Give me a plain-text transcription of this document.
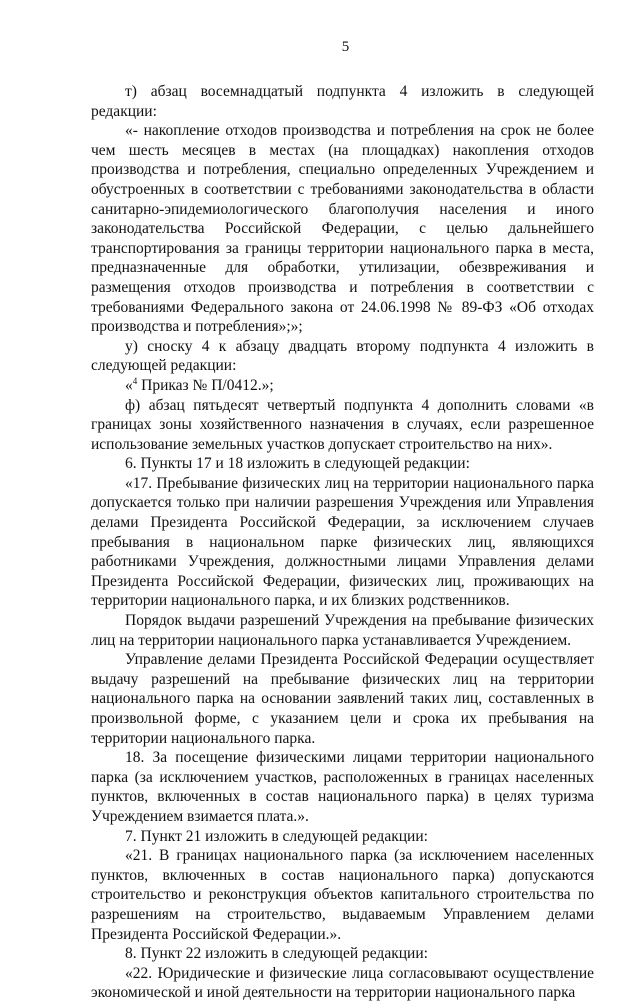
5

т) абзац восемнадцатый подпункта 4 изложить в следующей редакции:

«- накопление отходов производства и потребления на срок не более чем шесть месяцев в местах (на площадках) накопления отходов производства и потребления, специально определенных Учреждением и обустроенных в соответствии с требованиями законодательства в области санитарно-эпидемиологического благополучия населения и иного законодательства Российской Федерации, с целью дальнейшего транспортирования за границы территории национального парка в места, предназначенные для обработки, утилизации, обезвреживания и размещения отходов производства и потребления в соответствии с требованиями Федерального закона от 24.06.1998 № 89-ФЗ «Об отходах производства и потребления»;»;

у) сноску 4 к абзацу двадцать второму подпункта 4 изложить в следующей редакции:

«$^4$ Приказ № П/0412.»;

ф) абзац пятьдесят четвертый подпункта 4 дополнить словами «в границах зоны хозяйственного назначения в случаях, если разрешенное использование земельных участков допускает строительство на них».

6. Пункты 17 и 18 изложить в следующей редакции:

«17. Пребывание физических лиц на территории национального парка допускается только при наличии разрешения Учреждения или Управления делами Президента Российской Федерации, за исключением случаев пребывания в национальном парке физических лиц, являющихся работниками Учреждения, должностными лицами Управления делами Президента Российской Федерации, физических лиц, проживающих на территории национального парка, и их близких родственников.

Порядок выдачи разрешений Учреждения на пребывание физических лиц на территории национального парка устанавливается Учреждением.

Управление делами Президента Российской Федерации осуществляет выдачу разрешений на пребывание физических лиц на территории национального парка на основании заявлений таких лиц, составленных в произвольной форме, с указанием цели и срока их пребывания на территории национального парка.

18. За посещение физическими лицами территории национального парка (за исключением участков, расположенных в границах населенных пунктов, включенных в состав национального парка) в целях туризма Учреждением взимается плата.».

7. Пункт 21 изложить в следующей редакции:

«21. В границах национального парка (за исключением населенных пунктов, включенных в состав национального парка) допускаются строительство и реконструкция объектов капитального строительства по разрешениям на строительство, выдаваемым Управлением делами Президента Российской Федерации.».

8. Пункт 22 изложить в следующей редакции:

«22. Юридические и физические лица согласовывают осуществление экономической и иной деятельности на территории национального парка
